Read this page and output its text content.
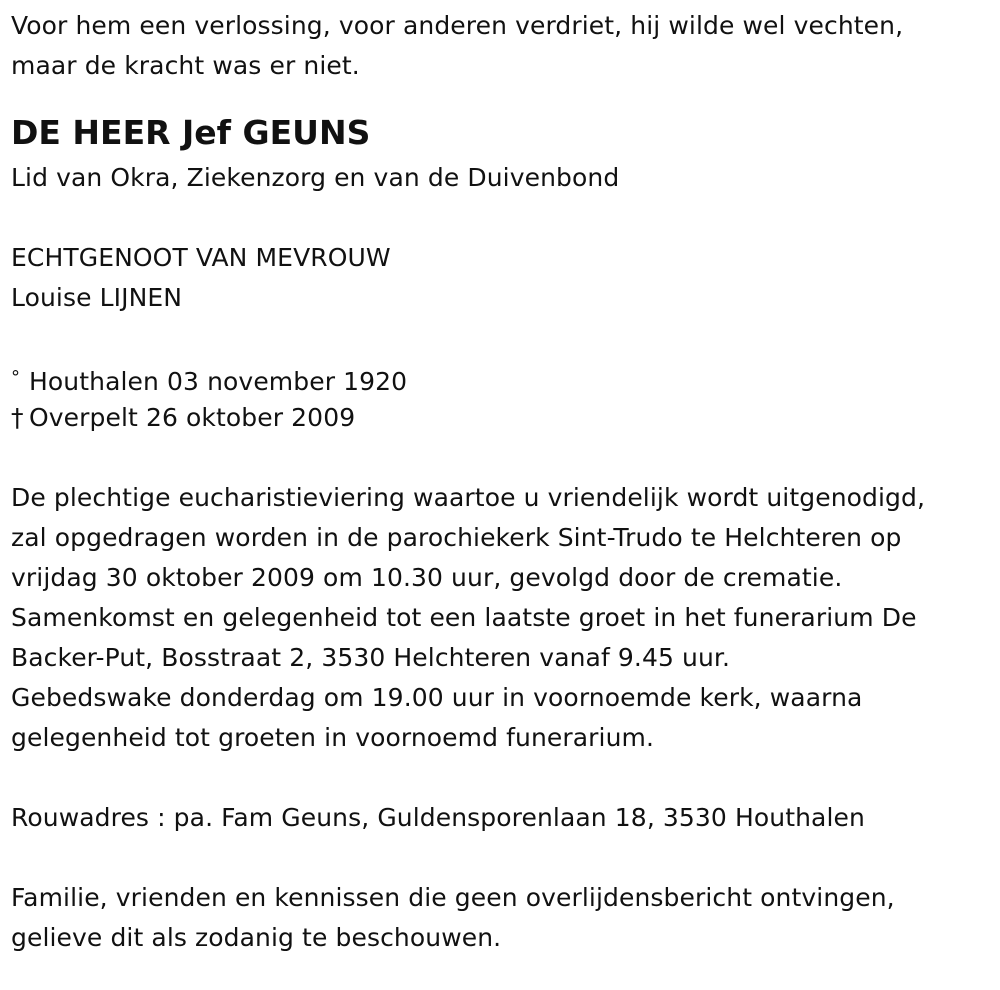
Voor hem een verlossing, voor anderen verdriet, hij wilde wel vechten,
maar de kracht was er niet.
DE HEER Jef GEUNS
Lid van Okra, Ziekenzorg en van de Duivenbond
ECHTGENOOT VAN MEVROUW
Louise LIJNEN
° Houthalen 03 november 1920
† Overpelt 26 oktober 2009
De plechtige eucharistieviering waartoe u vriendelijk wordt uitgenodigd,
zal opgedragen worden in de parochiekerk Sint-Trudo te Helchteren op
vrijdag 30 oktober 2009 om 10.30 uur, gevolgd door de crematie.
Samenkomst en gelegenheid tot een laatste groet in het funerarium De
Backer-Put, Bosstraat 2, 3530 Helchteren vanaf 9.45 uur.
Gebedswake donderdag om 19.00 uur in voornoemde kerk, waarna
gelegenheid tot groeten in voornoemd funerarium.
Rouwadres : pa. Fam Geuns, Guldensporenlaan 18, 3530 Houthalen
Familie, vrienden en kennissen die geen overlijdensbericht ontvingen,
gelieve dit als zodanig te beschouwen.
